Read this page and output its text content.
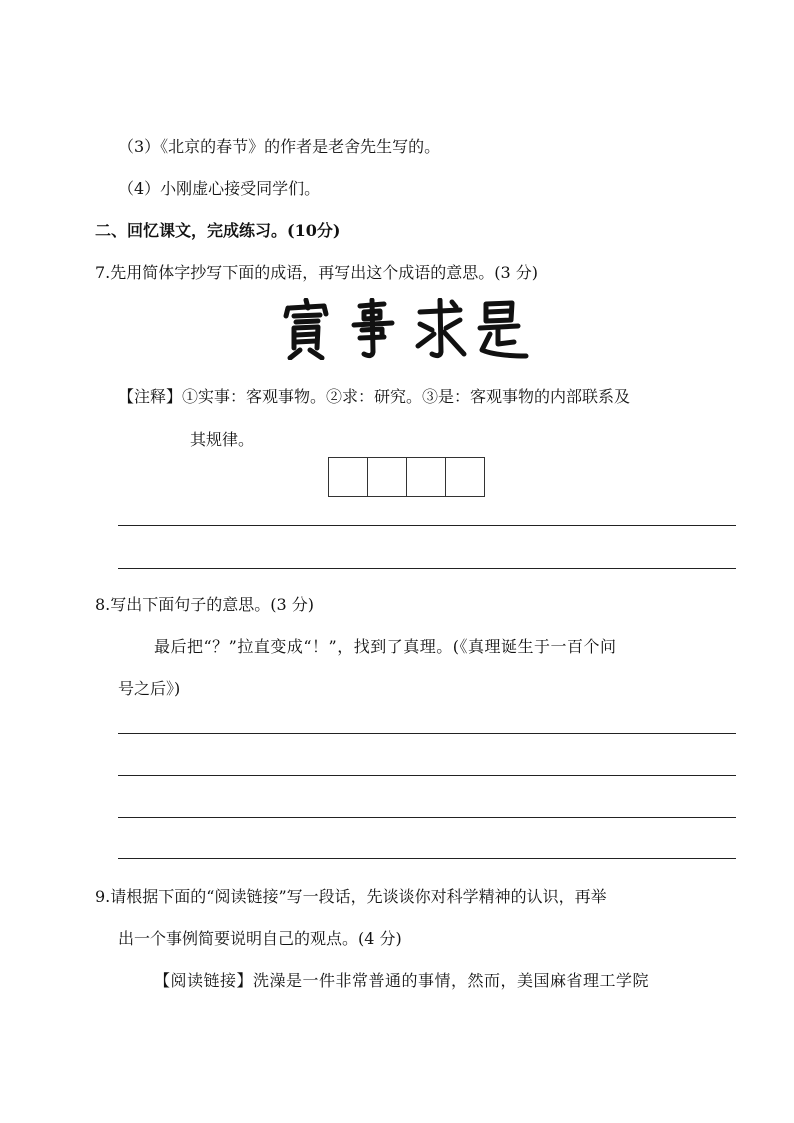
（3）《北京的春节》的作者是老舍先生写的。
（4）小刚虚心接受同学们。
二、回忆课文，完成练习。(10分)
7.先用简体字抄写下面的成语，再写出这个成语的意思。(3 分)
【注释】①实事：客观事物。②求：研究。③是：客观事物的内部联系及
其规律。
8.写出下面句子的意思。(3 分)
最后把“？”拉直变成“！”，找到了真理。(《真理诞生于一百个问
号之后》)
9.请根据下面的“阅读链接”写一段话，先谈谈你对科学精神的认识，再举
出一个事例简要说明自己的观点。(4 分)
【阅读链接】洗澡是一件非常普通的事情，然而，美国麻省理工学院
